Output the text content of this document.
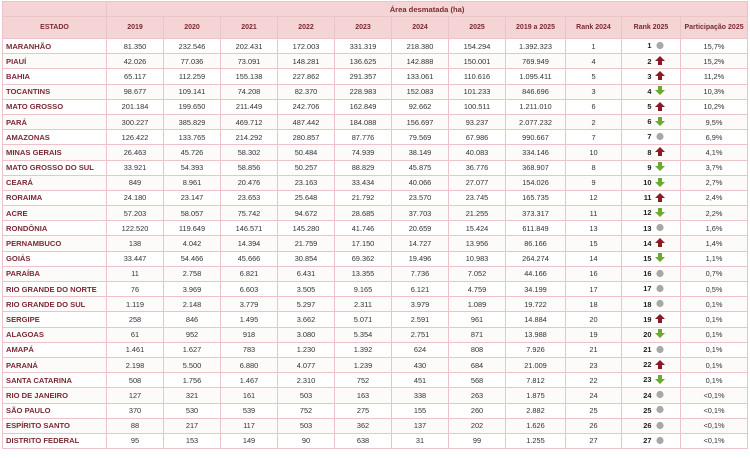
	Área desmatada (ha)										
ESTADO	2019	2020	2021	2022	2023	2024	2025	2019 a 2025	Rank 2024	Rank 2025	Participação 2025
MARANHÃO	81.350	232.546	202.431	172.003	331.319	218.380	154.294	1.392.323	1	1	15,7%
PIAUÍ	42.026	77.036	73.091	148.281	136.625	142.888	150.001	769.949	4	2	15,2%
BAHIA	65.117	112.259	155.138	227.862	291.357	133.061	110.616	1.095.411	5	3	11,2%
TOCANTINS	98.677	109.141	74.208	82.370	228.983	152.083	101.233	846.696	3	4	10,3%
MATO GROSSO	201.184	199.650	211.449	242.706	162.849	92.662	100.511	1.211.010	6	5	10,2%
PARÁ	300.227	385.829	469.712	487.442	184.088	156.697	93.237	2.077.232	2	6	9,5%
AMAZONAS	126.422	133.765	214.292	280.857	87.776	79.569	67.986	990.667	7	7	6,9%
MINAS GERAIS	26.463	45.726	58.302	50.484	74.939	38.149	40.083	334.146	10	8	4,1%
MATO GROSSO DO SUL	33.921	54.393	58.856	50.257	88.829	45.875	36.776	368.907	8	9	3,7%
CEARÁ	849	8.961	20.476	23.163	33.434	40.066	27.077	154.026	9	10	2,7%
RORAIMA	24.180	23.147	23.653	25.648	21.792	23.570	23.745	165.735	12	11	2,4%
ACRE	57.203	58.057	75.742	94.672	28.685	37.703	21.255	373.317	11	12	2,2%
RONDÔNIA	122.520	119.649	146.571	145.280	41.746	20.659	15.424	611.849	13	13	1,6%
PERNAMBUCO	138	4.042	14.394	21.759	17.150	14.727	13.956	86.166	15	14	1,4%
GOIÁS	33.447	54.466	45.666	30.854	69.362	19.496	10.983	264.274	14	15	1,1%
PARAÍBA	11	2.758	6.821	6.431	13.355	7.736	7.052	44.166	16	16	0,7%
RIO GRANDE DO NORTE	76	3.969	6.603	3.505	9.165	6.121	4.759	34.199	17	17	0,5%
RIO GRANDE DO SUL	1.119	2.148	3.779	5.297	2.311	3.979	1.089	19.722	18	18	0,1%
SERGIPE	258	846	1.495	3.662	5.071	2.591	961	14.884	20	19	0,1%
ALAGOAS	61	952	918	3.080	5.354	2.751	871	13.988	19	20	0,1%
AMAPÁ	1.461	1.627	783	1.230	1.392	624	808	7.926	21	21	0,1%
PARANÁ	2.198	5.500	6.880	4.077	1.239	430	684	21.009	23	22	0,1%
SANTA CATARINA	508	1.756	1.467	2.310	752	451	568	7.812	22	23	0,1%
RIO DE JANEIRO	127	321	161	503	163	338	263	1.875	24	24	<0,1%
SÃO PAULO	370	530	539	752	275	155	260	2.882	25	25	<0,1%
ESPÍRITO SANTO	88	217	117	503	362	137	202	1.626	26	26	<0,1%
DISTRITO FEDERAL	95	153	149	90	638	31	99	1.255	27	27	<0,1%
